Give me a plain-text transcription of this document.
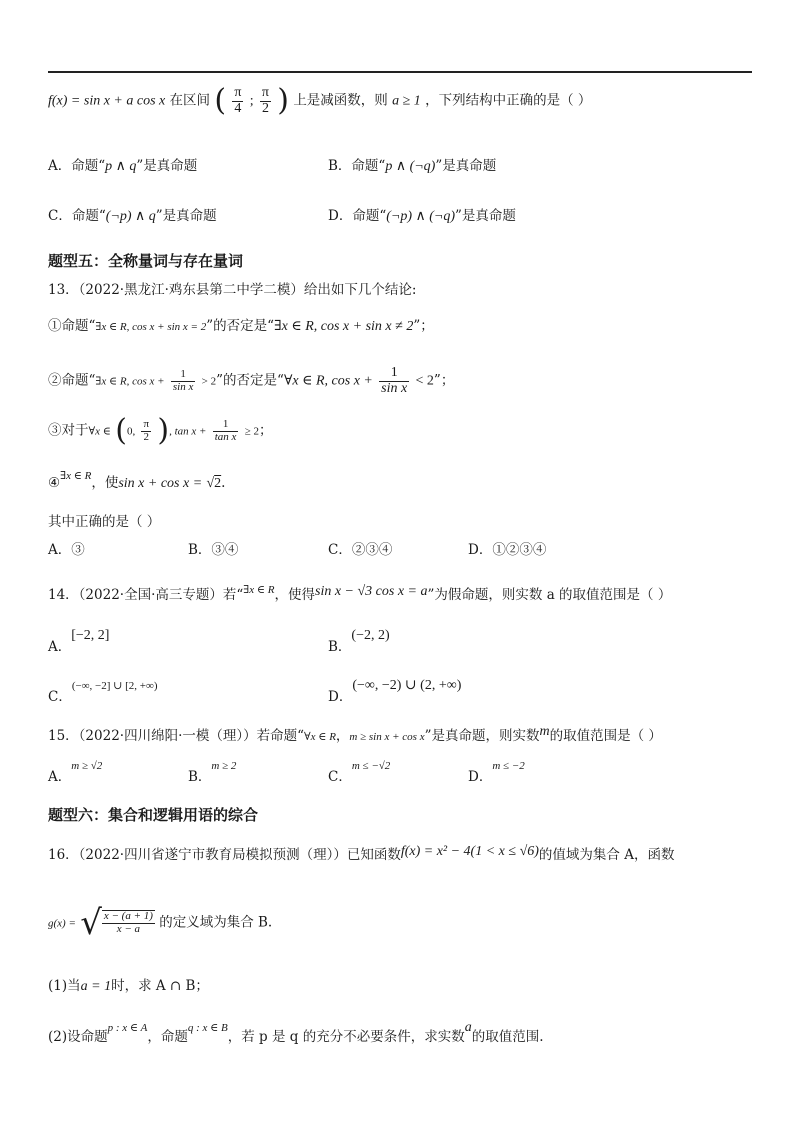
f(x) = sin x + a cos x 在区间 ( $\frac{\pi}{4}$ ; $\frac{\pi}{2}$ ) 上是减函数，则 a ≥ 1 ，下列结构中正确的是（ ）
A．命题“p ∧ q”是真命题	B．命题“p ∧ (¬q)”是真命题
C．命题“(¬p) ∧ q”是真命题	D．命题“(¬p) ∧ (¬q)”是真命题
题型五：全称量词与存在量词
13．（2022·黑龙江·鸡东县第二中学二模）给出如下几个结论:
①命题“∃x ∈ R, cos x + sin x = 2”的否定是“∃x ∈ R, cos x + sin x ≠ 2”；
②命题“∃x ∈ R, $\cos x + \frac{1}{\text{sin x}} > 2$”的否定是“∀x ∈ R, $\cos x + \frac{1}{\text{sin x}} < 2$”；
③对于∀x ∈ (0, $\frac{\pi}{2}$ ), $\tan x + \frac{1}{\text{tan x}} \ge 2$；
④$^{\exists x \in R}$，使sin x + cos x = √2.
其中正确的是（ ）
A．③	B．③④	C．②③④	D．①②③④
14．（2022·全国·高三专题）若“$^{\exists x \in R}$，使得sin x − √3 cos x = a”为假命题，则实数 a 的取值范围是（ ）
A．[−2, 2]
B．(−2, 2)
C．$^{(-\infty, -2] \cup [2, +\infty)}$
D．(−∞, −2) ∪ (2, +∞)
15．（2022·四川绵阳·一模（理））若命题“∀x ∈ R，m ≥ sin x + cos x”是真命题，则实数m的取值范围是（ ）
A．$^{m \ge √2}$
B．$^{m \ge 2}$
C．$^{m \le -√2}$
D．$^{m \le -2}$
题型六：集合和逻辑用语的综合
16．（2022·四川省遂宁市教育局模拟预测（理））已知函数f(x) = x² − 4(1 < x ≤ √6)的值域为集合 A，函数
g(x) = √ $\frac{x - (a + 1)}{x - a}$ 的定义域为集合 B.
(1)当a = 1时，求 A ∩ B；
(2)设命题$^{p : x \in A}$，命题$^{q : x \in B}$，若 p 是 q 的充分不必要条件，求实数a的取值范围.
